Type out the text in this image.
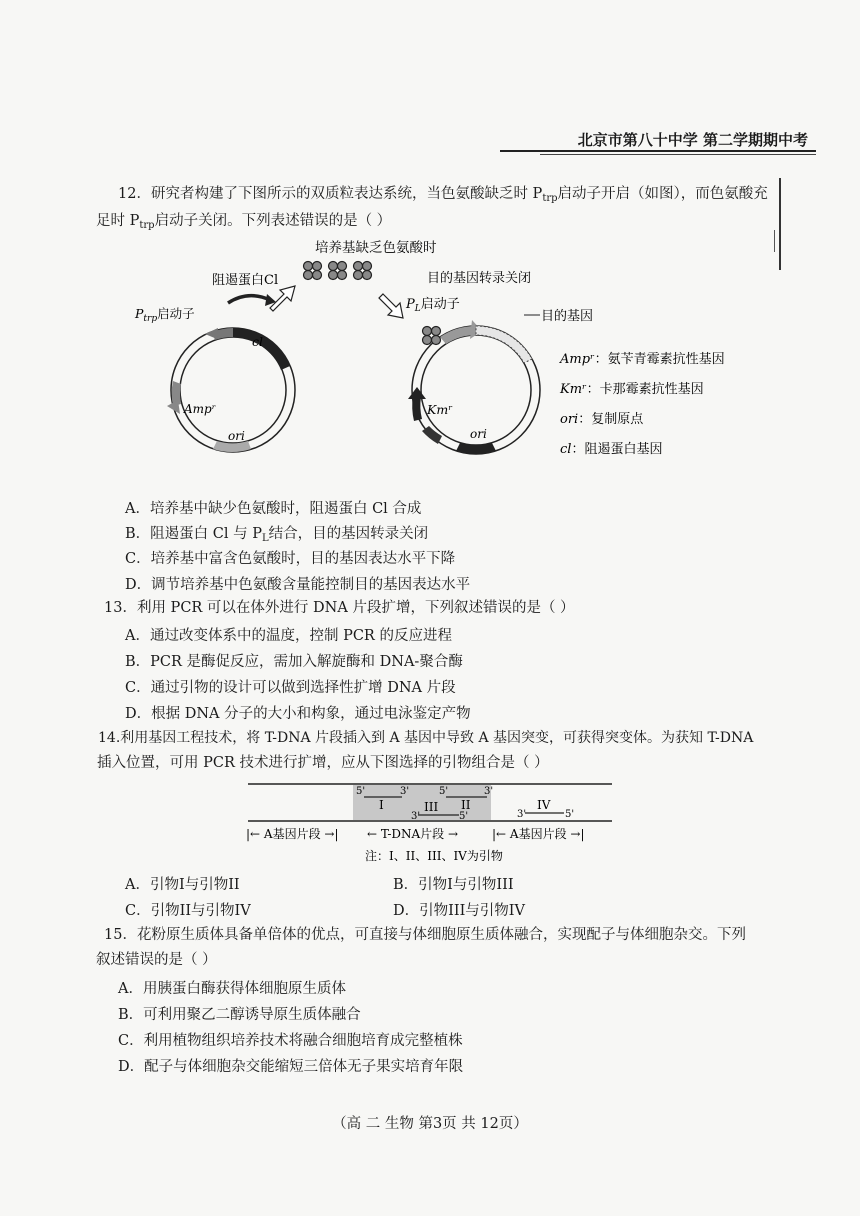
北京市第八十中学 第二学期期中考
12．研究者构建了下图所示的双质粒表达系统，当色氨酸缺乏时 $P_{trp}$启动子开启（如图），而色氨酸充
足时 $P_{trp}$启动子关闭。下列表述错误的是（ ）
培养基缺乏色氨酸时
阻遏蛋白Cl
$P_{trp}$启动子
cl
Ampʳ
ori
目的基因转录关闭
$P_L$启动子
Kmʳ
ori
目的基因
Ampʳ：氨苄青霉素抗性基因
Kmʳ：卡那霉素抗性基因
ori：复制原点
cl：阻遏蛋白基因
A．培养基中缺少色氨酸时，阻遏蛋白 Cl 合成
B．阻遏蛋白 Cl 与 $P_L$结合，目的基因转录关闭
C．培养基中富含色氨酸时，目的基因表达水平下降
D．调节培养基中色氨酸含量能控制目的基因表达水平
13．利用 PCR 可以在体外进行 DNA 片段扩增，下列叙述错误的是（ ）
A．通过改变体系中的温度，控制 PCR 的反应进程
B．PCR 是酶促反应，需加入解旋酶和 DNA-聚合酶
C．通过引物的设计可以做到选择性扩增 DNA 片段
D．根据 DNA 分子的大小和构象，通过电泳鉴定产物
14.利用基因工程技术，将 T-DNA 片段插入到 A 基因中导致 A 基因突变，可获得突变体。为获知 T-DNA
插入位置，可用 PCR 技术进行扩增，应从下图选择的引物组合是（ ）
5'	3'
I
5'	3'
II
3'	5'
III
3'	5'
IV
|← A基因片段 →| ← T-DNA片段 →	|← A基因片段 →|
注：I、II、III、IV为引物
A．引物I与引物II	B．引物I与引物III
C．引物II与引物IV	D．引物III与引物IV
15．花粉原生质体具备单倍体的优点，可直接与体细胞原生质体融合，实现配子与体细胞杂交。下列
叙述错误的是（ ）
A．用胰蛋白酶获得体细胞原生质体
B．可利用聚乙二醇诱导原生质体融合
C．利用植物组织培养技术将融合细胞培育成完整植株
D．配子与体细胞杂交能缩短三倍体无子果实培育年限
（高 二 生物 第3页 共 12页）
